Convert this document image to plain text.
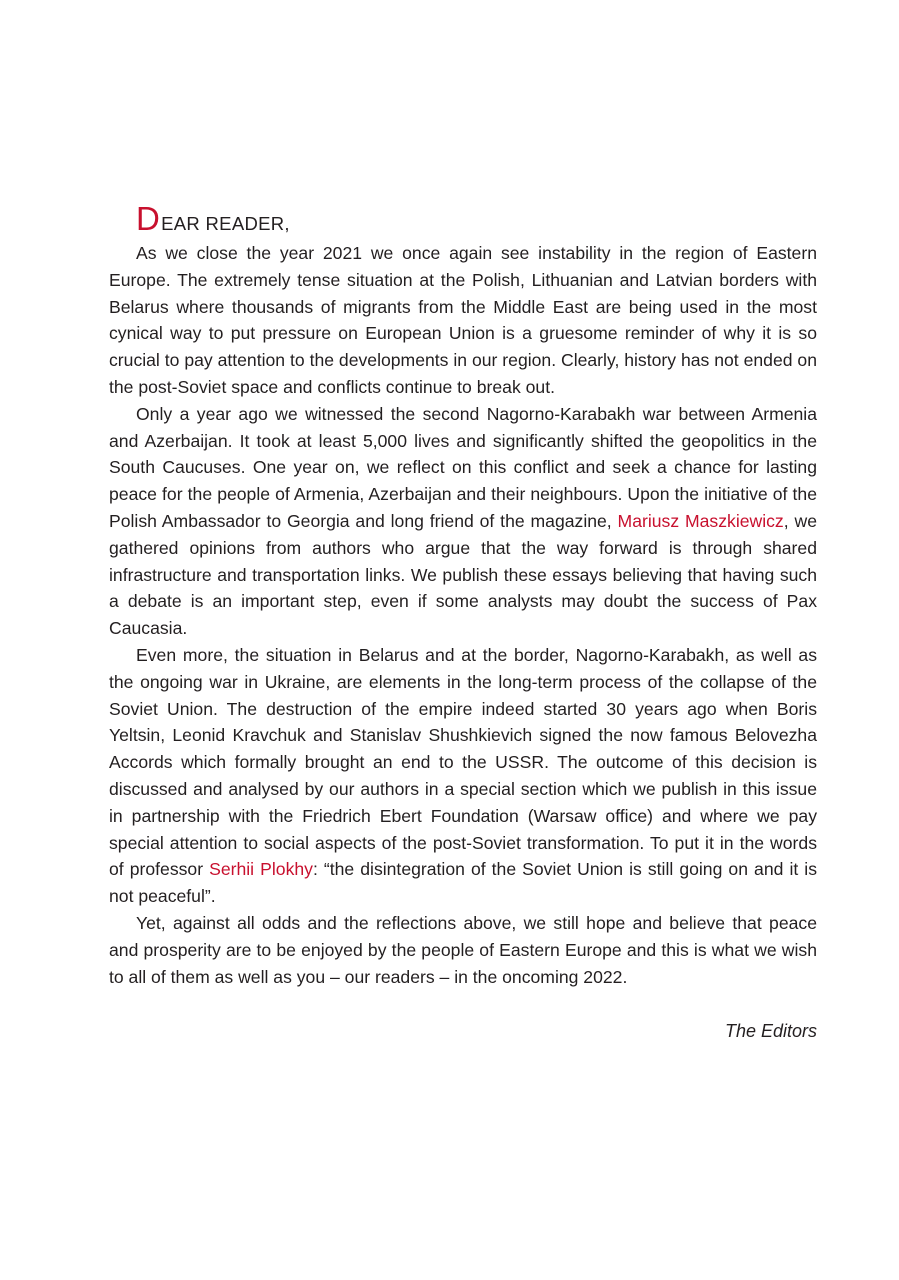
DEAR READER,

As we close the year 2021 we once again see instability in the region of Eastern Europe. The extremely tense situation at the Polish, Lithuanian and Latvian borders with Belarus where thousands of migrants from the Middle East are being used in the most cynical way to put pressure on European Union is a gruesome reminder of why it is so crucial to pay attention to the developments in our region. Clearly, history has not ended on the post-Soviet space and conflicts continue to break out.

Only a year ago we witnessed the second Nagorno-Karabakh war between Armenia and Azerbaijan. It took at least 5,000 lives and significantly shifted the geopolitics in the South Caucuses. One year on, we reflect on this conflict and seek a chance for lasting peace for the people of Armenia, Azerbaijan and their neighbours. Upon the initiative of the Polish Ambassador to Georgia and long friend of the magazine, Mariusz Maszkiewicz, we gathered opinions from authors who argue that the way forward is through shared infrastructure and transportation links. We publish these essays believing that having such a debate is an important step, even if some analysts may doubt the success of Pax Caucasia.

Even more, the situation in Belarus and at the border, Nagorno-Karabakh, as well as the ongoing war in Ukraine, are elements in the long-term process of the collapse of the Soviet Union. The destruction of the empire indeed started 30 years ago when Boris Yeltsin, Leonid Kravchuk and Stanislav Shushkievich signed the now famous Belovezha Accords which formally brought an end to the USSR. The outcome of this decision is discussed and analysed by our authors in a special section which we publish in this issue in partnership with the Friedrich Ebert Foundation (Warsaw office) and where we pay special attention to social aspects of the post-Soviet transformation. To put it in the words of professor Serhii Plokhy: “the disintegration of the Soviet Union is still going on and it is not peaceful”.

Yet, against all odds and the reflections above, we still hope and believe that peace and prosperity are to be enjoyed by the people of Eastern Europe and this is what we wish to all of them as well as you – our readers – in the oncoming 2022.

The Editors
